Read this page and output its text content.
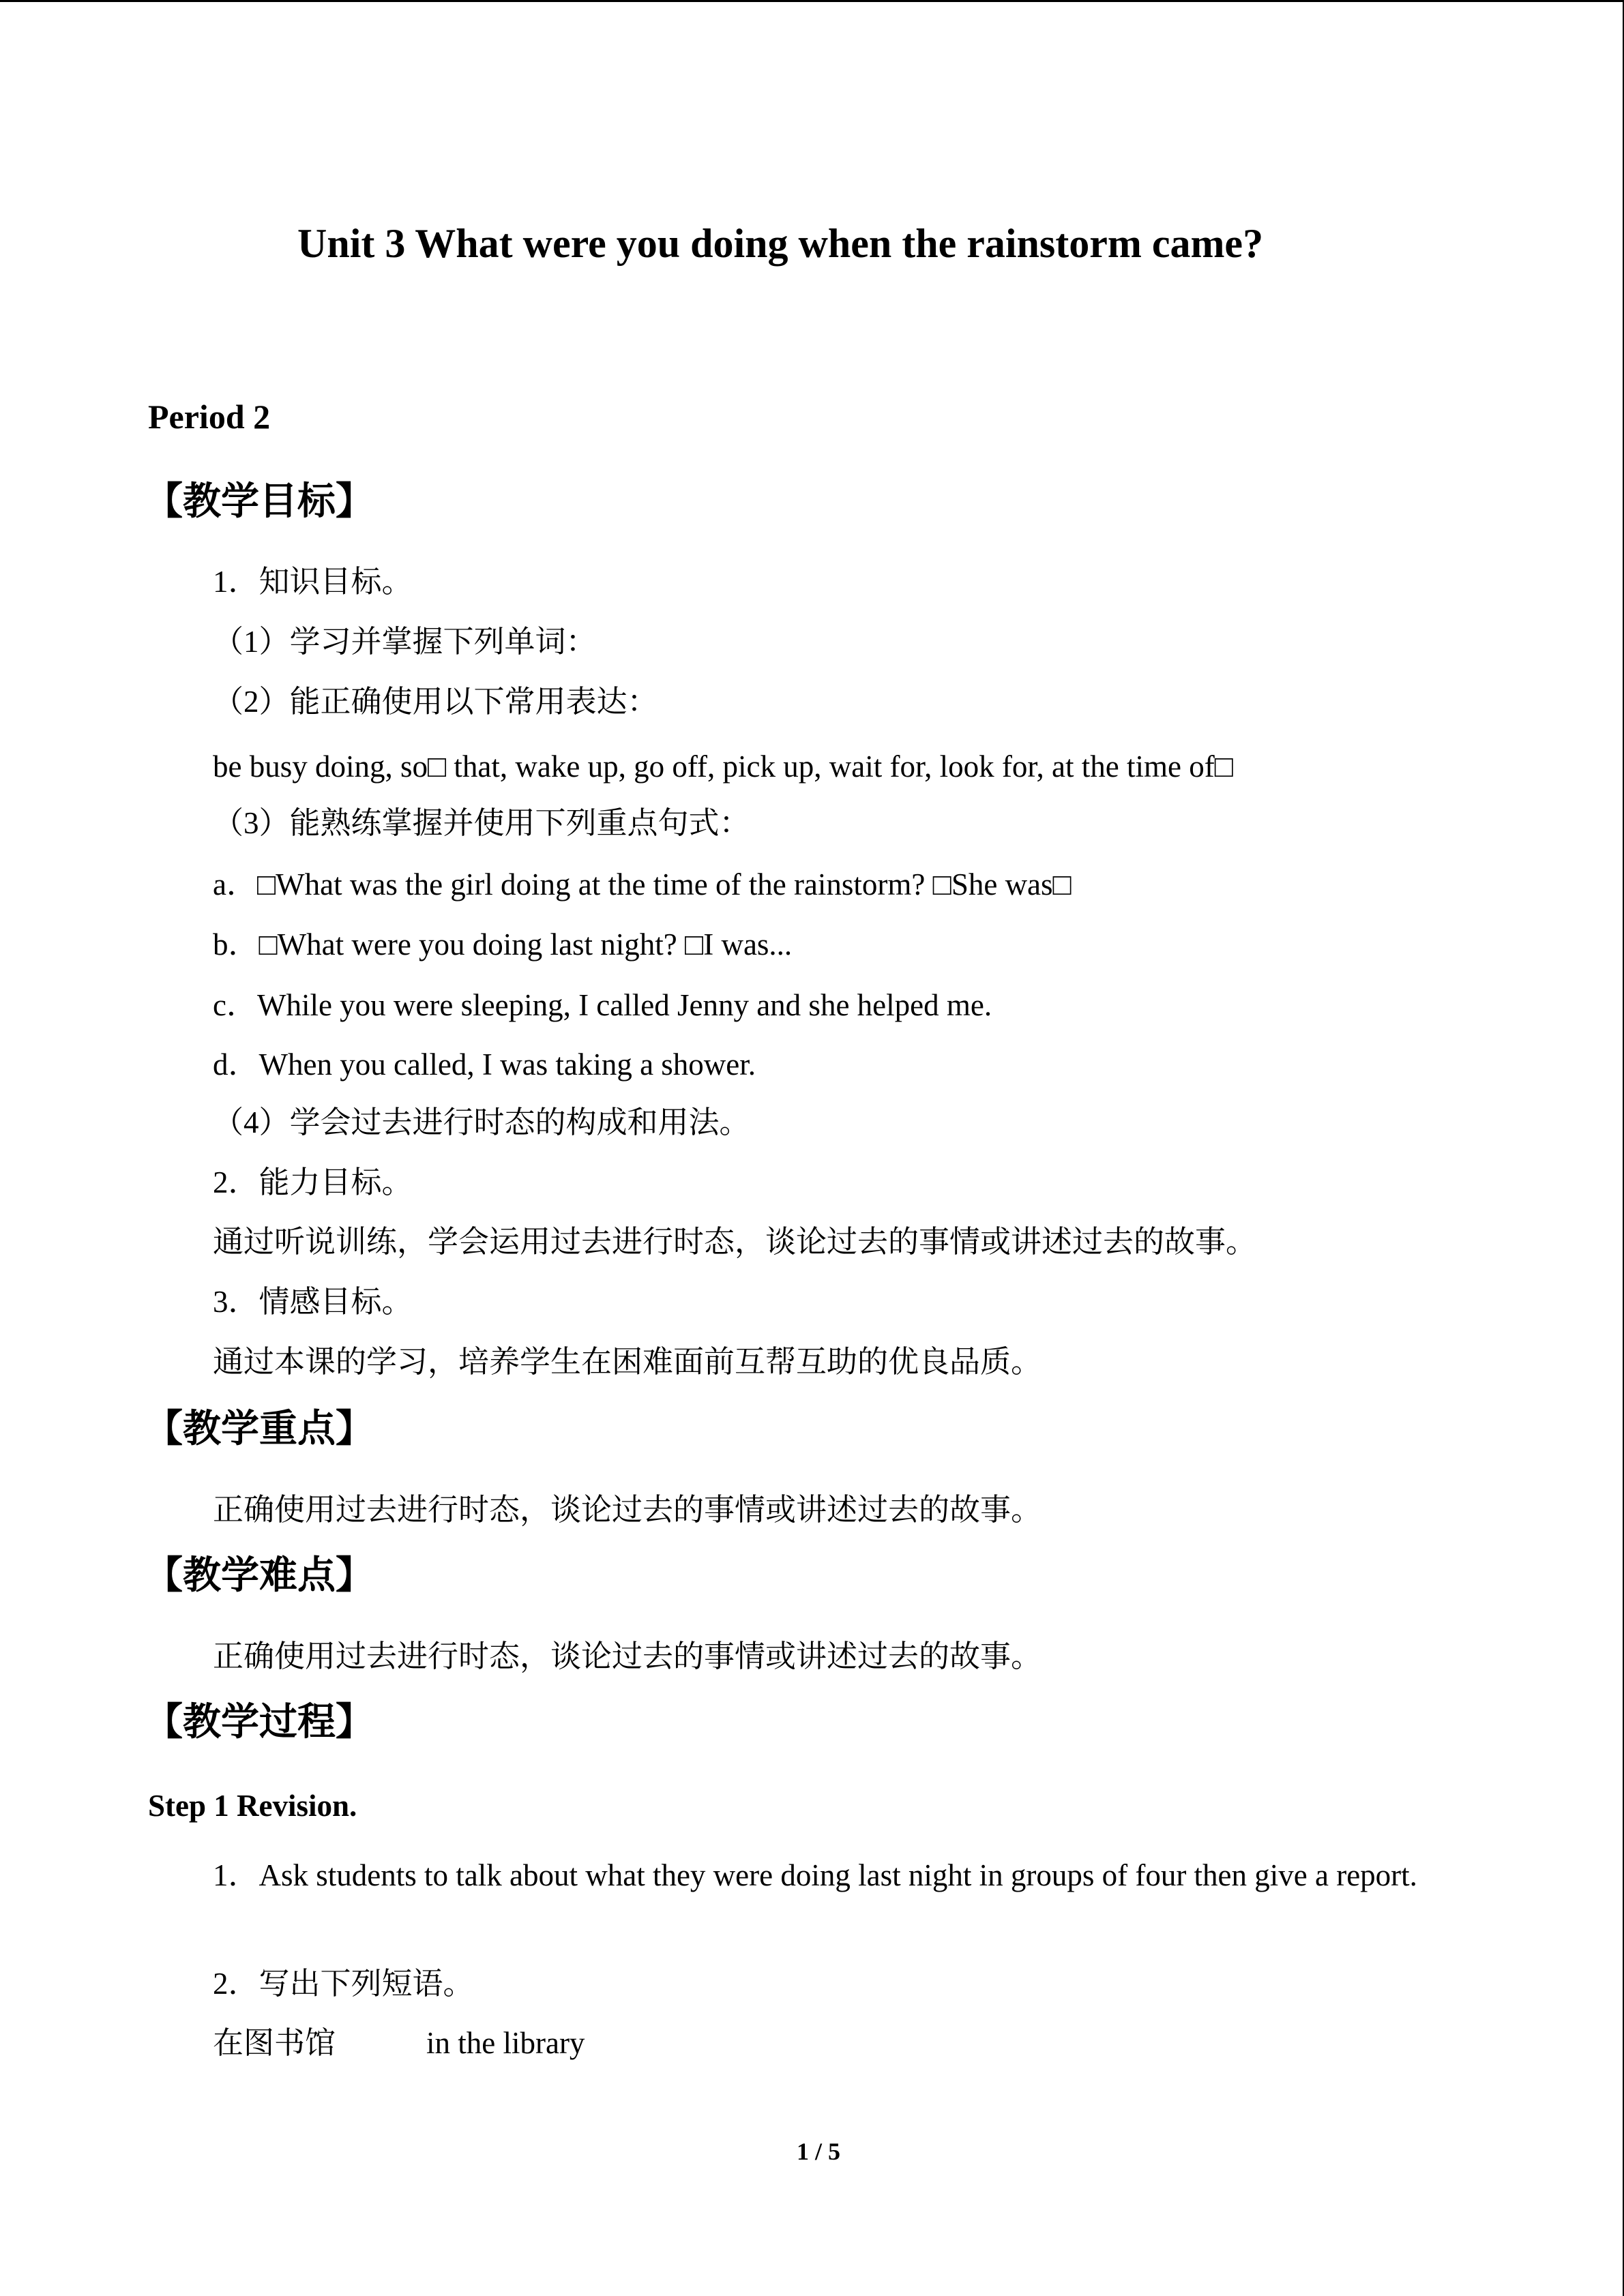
Unit 3 What were you doing when the rainstorm came?
Period 2
【教学目标】
1．知识目标。
（1）学习并掌握下列单词：
（2）能正确使用以下常用表达：
be busy doing, so□ that, wake up, go off, pick up, wait for, look for, at the time of□
（3）能熟练掌握并使用下列重点句式：
a．□What was the girl doing at the time of the rainstorm? □She was□
b．□What were you doing last night? □I was...
c．While you were sleeping, I called Jenny and she helped me.
d．When you called, I was taking a shower.
（4）学会过去进行时态的构成和用法。
2．能力目标。
通过听说训练，学会运用过去进行时态，谈论过去的事情或讲述过去的故事。
3．情感目标。
通过本课的学习，培养学生在困难面前互帮互助的优良品质。
【教学重点】
正确使用过去进行时态，谈论过去的事情或讲述过去的故事。
【教学难点】
正确使用过去进行时态，谈论过去的事情或讲述过去的故事。
【教学过程】
Step 1 Revision.
1．Ask students to talk about what they were doing last night in groups of four then give a report.
2．写出下列短语。
在图书馆	in the library
1 / 5
